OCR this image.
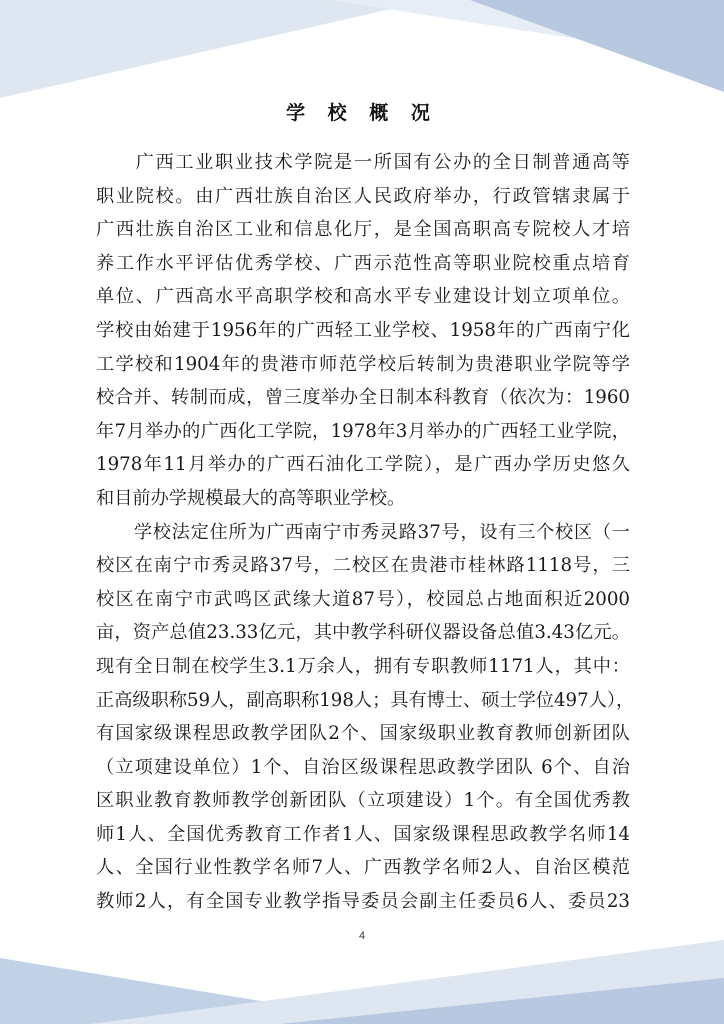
学 校 概 况

　　广西工业职业技术学院是一所国有公办的全日制普通高等
职业院校。由广西壮族自治区人民政府举办，行政管辖隶属于
广西壮族自治区工业和信息化厅，是全国高职高专院校人才培
养工作水平评估优秀学校、广西示范性高等职业院校重点培育
单位、广西高水平高职学校和高水平专业建设计划立项单位。
学校由始建于1956年的广西轻工业学校、1958年的广西南宁化
工学校和1904年的贵港市师范学校后转制为贵港职业学院等学
校合并、转制而成，曾三度举办全日制本科教育（依次为：1960
年7月举办的广西化工学院，1978年3月举办的广西轻工业学院，
1978年11月举办的广西石油化工学院），是广西办学历史悠久
和目前办学规模最大的高等职业学校。

　　学校法定住所为广西南宁市秀灵路37号，设有三个校区（一
校区在南宁市秀灵路37号，二校区在贵港市桂林路1118号，三
校区在南宁市武鸣区武缘大道87号），校园总占地面积近2000
亩，资产总值23.33亿元，其中教学科研仪器设备总值3.43亿元。
现有全日制在校学生3.1万余人，拥有专职教师1171人，其中：
正高级职称59人，副高职称198人；具有博士、硕士学位497人），
有国家级课程思政教学团队2个、国家级职业教育教师创新团队
（立项建设单位）1个、自治区级课程思政教学团队 6个、自治
区职业教育教师教学创新团队（立项建设）1个。有全国优秀教
师1人、全国优秀教育工作者1人、国家级课程思政教学名师14
人、全国行业性教学名师7人、广西教学名师2人、自治区模范
教师2人，有全国专业教学指导委员会副主任委员6人、委员23

4
